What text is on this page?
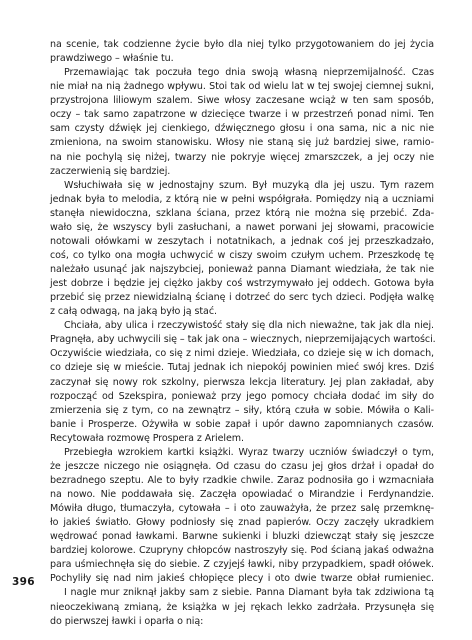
na scenie, tak codzienne życie było dla niej tylko przygotowaniem do jej życia
prawdziwego – właśnie tu.
Przemawiając tak poczuła tego dnia swoją własną nieprzemijalność. Czas
nie miał na nią żadnego wpływu. Stoi tak od wielu lat w tej swojej ciemnej sukni,
przystrojona liliowym szalem. Siwe włosy zaczesane wciąż w ten sam sposób,
oczy – tak samo zapatrzone w dziecięce twarze i w przestrzeń ponad nimi. Ten
sam czysty dźwięk jej cienkiego, dźwięcznego głosu i ona sama, nic a nic nie
zmieniona, na swoim stanowisku. Włosy nie staną się już bardziej siwe, ramio-
na nie pochylą się niżej, twarzy nie pokryje więcej zmarszczek, a jej oczy nie
zaczerwienią się bardziej.
Wsłuchiwała się w jednostajny szum. Był muzyką dla jej uszu. Tym razem
jednak była to melodia, z którą nie w pełni współgrała. Pomiędzy nią a uczniami
stanęła niewidoczna, szklana ściana, przez którą nie można się przebić. Zda-
wało się, że wszyscy byli zasłuchani, a nawet porwani jej słowami, pracowicie
notowali ołówkami w zeszytach i notatnikach, a jednak coś jej przeszkadzało,
coś, co tylko ona mogła uchwycić w ciszy swoim czułym uchem. Przeszkodę tę
należało usunąć jak najszybciej, ponieważ panna Diamant wiedziała, że tak nie
jest dobrze i będzie jej ciężko jakby coś wstrzymywało jej oddech. Gotowa była
przebić się przez niewidzialną ścianę i dotrzeć do serc tych dzieci. Podjęła walkę
z całą odwagą, na jaką było ją stać.
Chciała, aby ulica i rzeczywistość stały się dla nich nieważne, tak jak dla niej.
Pragnęła, aby uchwycili się – tak jak ona – wiecznych, nieprzemijających wartości.
Oczywiście wiedziała, co się z nimi dzieje. Wiedziała, co dzieje się w ich domach,
co dzieje się w mieście. Tutaj jednak ich niepokój powinien mieć swój kres. Dziś
zaczynał się nowy rok szkolny, pierwsza lekcja literatury. Jej plan zakładał, aby
rozpocząć od Szekspira, ponieważ przy jego pomocy chciała dodać im siły do
zmierzenia się z tym, co na zewnątrz – siły, którą czuła w sobie. Mówiła o Kali-
banie i Prosperze. Ożywiła w sobie zapał i upór dawno zapomnianych czasów.
Recytowała rozmowę Prospera z Arielem.
Przebiegła wzrokiem kartki książki. Wyraz twarzy uczniów świadczył o tym,
że jeszcze niczego nie osiągnęła. Od czasu do czasu jej głos drżał i opadał do
bezradnego szeptu. Ale to były rzadkie chwile. Zaraz podnosiła go i wzmacniała
na nowo. Nie poddawała się. Zaczęła opowiadać o Mirandzie i Ferdynandzie.
Mówiła długo, tłumaczyła, cytowała – i oto zauważyła, że przez salę przemknę-
ło jakieś światło. Głowy podniosły się znad papierów. Oczy zaczęły ukradkiem
wędrować ponad ławkami. Barwne sukienki i bluzki dziewcząt stały się jeszcze
bardziej kolorowe. Czupryny chłopców nastroszyły się. Pod ścianą jakaś odważna
para uśmiechnęła się do siebie. Z czyjejś ławki, niby przypadkiem, spadł ołówek.
Pochyliły się nad nim jakieś chłopięce plecy i oto dwie twarze obłał rumieniec.
I nagle mur zniknął jakby sam z siebie. Panna Diamant była tak zdziwiona tą
nieoczekiwaną zmianą, że książka w jej rękach lekko zadrżała. Przysunęła się
do pierwszej ławki i oparła o nią:
396
